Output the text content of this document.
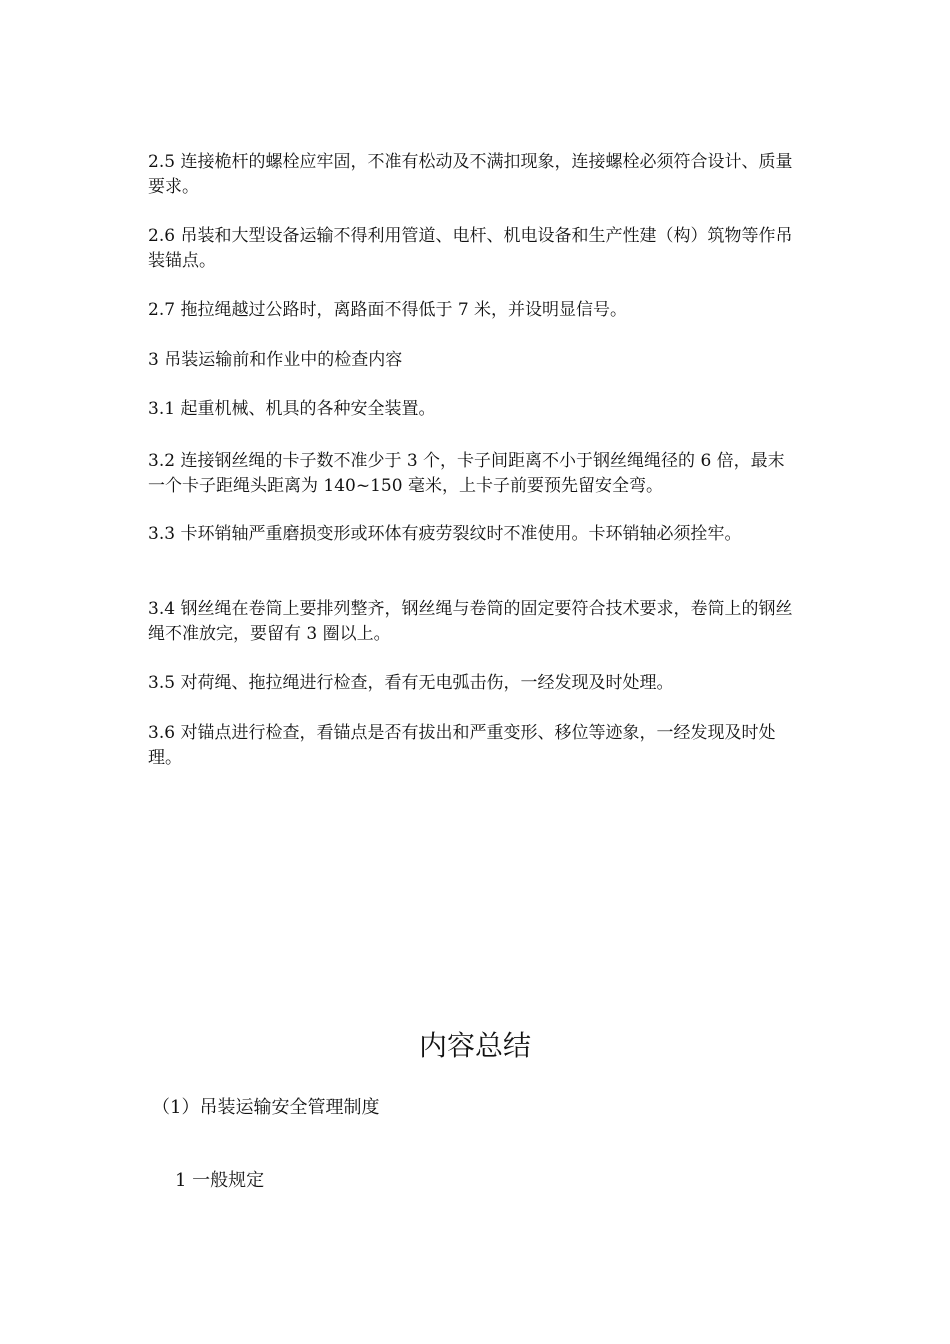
2.5 连接桅杆的螺栓应牢固，不准有松动及不满扣现象，连接螺栓必须符合设计、质量要求。

2.6 吊装和大型设备运输不得利用管道、电杆、机电设备和生产性建（构）筑物等作吊装锚点。

2.7 拖拉绳越过公路时，离路面不得低于 7 米，并设明显信号。

3 吊装运输前和作业中的检查内容

3.1 起重机械、机具的各种安全装置。

3.2 连接钢丝绳的卡子数不准少于 3 个，卡子间距离不小于钢丝绳绳径的 6 倍，最末一个卡子距绳头距离为 140~150 毫米，上卡子前要预先留安全弯。

3.3 卡环销轴严重磨损变形或环体有疲劳裂纹时不准使用。卡环销轴必须拴牢。

3.4 钢丝绳在卷筒上要排列整齐，钢丝绳与卷筒的固定要符合技术要求，卷筒上的钢丝绳不准放完，要留有 3 圈以上。

3.5 对荷绳、拖拉绳进行检查，看有无电弧击伤，一经发现及时处理。

3.6 对锚点进行检查，看锚点是否有拔出和严重变形、移位等迹象，一经发现及时处理。

内容总结

（1）吊装运输安全管理制度

1 一般规定
